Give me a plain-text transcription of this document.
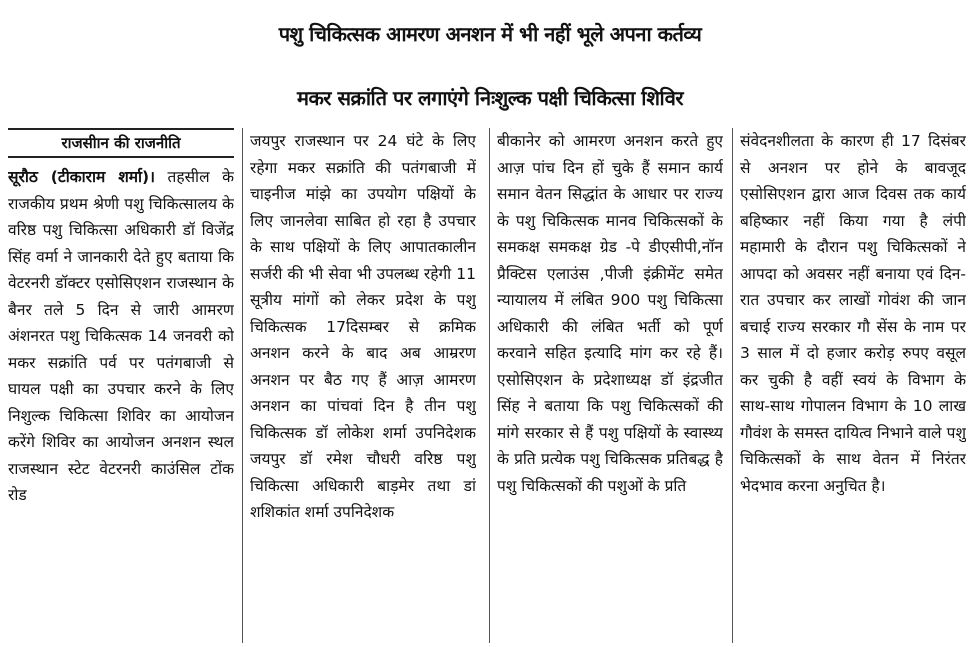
पशु चिकित्सक आमरण अनशन में भी नहीं भूले अपना कर्तव्य
मकर सक्रांति पर लगाएंगे निःशुल्क पक्षी चिकित्सा शिविर
राजसीान की राजनीति

सूरौठ (टीकाराम शर्मा)। तहसील के राजकीय प्रथम श्रेणी पशु चिकित्सालय के वरिष्ठ पशु चिकित्सा अधिकारी डॉ विजेंद्र सिंह वर्मा ने जानकारी देते हुए बताया कि वेटरनरी डॉक्टर एसोसिएशन राजस्थान के बैनर तले 5 दिन से जारी आमरण अंशनरत पशु चिकित्सक 14 जनवरी को मकर सक्रांति पर्व पर पतंगबाजी से घायल पक्षी का उपचार करने के लिए निशुल्क चिकित्सा शिविर का आयोजन करेंगे शिविर का आयोजन अनशन स्थल राजस्थान स्टेट वेटरनरी काउंसिल टोंक रोड

जयपुर राजस्थान पर 24 घंटे के लिए रहेगा मकर सक्रांति की पतंगबाजी में चाइनीज मांझे का उपयोग पक्षियों के लिए जानलेवा साबित हो रहा है उपचार के साथ पक्षियों के लिए आपातकालीन सर्जरी की भी सेवा भी उपलब्ध रहेगी 11 सूत्रीय मांगों को लेकर प्रदेश के पशु चिकित्सक 17दिसम्बर से क्रमिक अनशन करने के बाद अब आम्ररण अनशन पर बैठ गए हैं आज़ आमरण अनशन का पांचवां दिन है तीन पशु चिकित्सक डॉ लोकेश शर्मा उपनिदेशक जयपुर डॉ रमेश चौधरी वरिष्ठ पशु चिकित्सा अधिकारी बाड़मेर तथा डां शशिकांत शर्मा उपनिदेशक

बीकानेर को आमरण अनशन करते हुए आज़ पांच दिन हों चुके हैं समान कार्य समान वेतन सिद्धांत के आधार पर राज्य के पशु चिकित्सक मानव चिकित्सकों के समकक्ष समकक्ष ग्रेड -पे डीएसीपी,नॉन प्रैक्टिस एलाउंस ,पीजी इंक्रीमेंट समेत न्यायालय में लंबित 900 पशु चिकित्सा अधिकारी की लंबित भर्ती को पूर्ण करवाने सहित इत्यादि मांग कर रहे हैं। एसोसिएशन के प्रदेशाध्यक्ष डॉ इंद्रजीत सिंह ने बताया कि पशु चिकित्सकों की मांगे सरकार से हैं पशु पक्षियों के स्वास्थ्य के प्रति प्रत्येक पशु चिकित्सक प्रतिबद्ध है पशु चिकित्सकों की पशुओं के प्रति

संवेदनशीलता के कारण ही 17 दिसंबर से अनशन पर होने के बावजूद एसोसिएशन द्वारा आज दिवस तक कार्य बहिष्कार नहीं किया गया है लंपी महामारी के दौरान पशु चिकित्सकों ने आपदा को अवसर नहीं बनाया एवं दिन-रात उपचार कर लाखों गोवंश की जान बचाई राज्य सरकार गौ सेंस के नाम पर 3 साल में दो हजार करोड़ रुपए वसूल कर चुकी है वहीं स्वयं के विभाग के साथ-साथ गोपालन विभाग के 10 लाख गौवंश के समस्त दायित्व निभाने वाले पशु चिकित्सकों के साथ वेतन में निरंतर भेदभाव करना अनुचित है।
